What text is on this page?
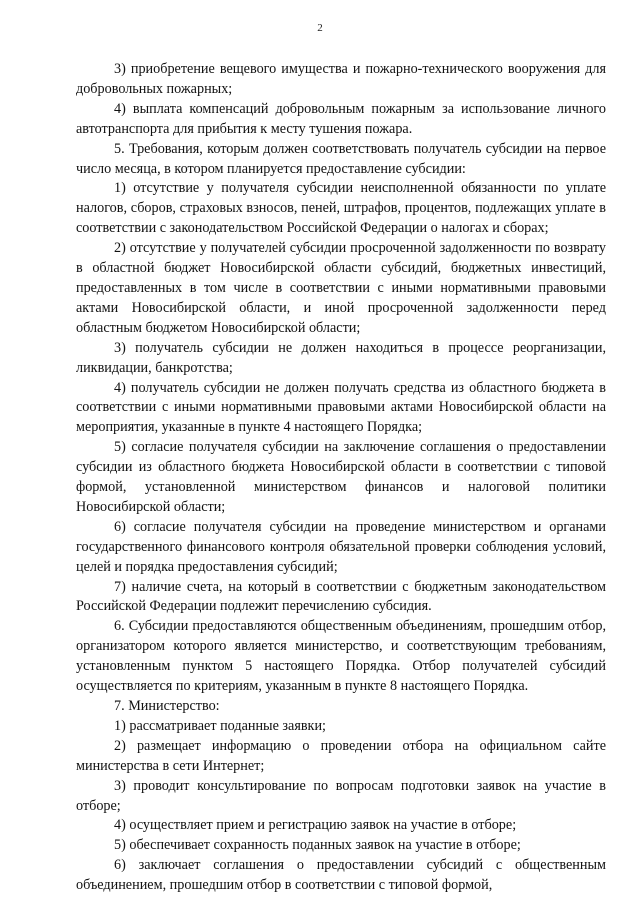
2

3) приобретение вещевого имущества и пожарно-технического вооружения для добровольных пожарных;

4) выплата компенсаций добровольным пожарным за использование личного автотранспорта для прибытия к месту тушения пожара.

5. Требования, которым должен соответствовать получатель субсидии на первое число месяца, в котором планируется предоставление субсидии:

1) отсутствие у получателя субсидии неисполненной обязанности по уплате налогов, сборов, страховых взносов, пеней, штрафов, процентов, подлежащих уплате в соответствии с законодательством Российской Федерации о налогах и сборах;

2) отсутствие у получателей субсидии просроченной задолженности по возврату в областной бюджет Новосибирской области субсидий, бюджетных инвестиций, предоставленных в том числе в соответствии с иными нормативными правовыми актами Новосибирской области, и иной просроченной задолженности перед областным бюджетом Новосибирской области;

3) получатель субсидии не должен находиться в процессе реорганизации, ликвидации, банкротства;

4) получатель субсидии не должен получать средства из областного бюджета в соответствии с иными нормативными правовыми актами Новосибирской области на мероприятия, указанные в пункте 4 настоящего Порядка;

5) согласие получателя субсидии на заключение соглашения о предоставлении субсидии из областного бюджета Новосибирской области в соответствии с типовой формой, установленной министерством финансов и налоговой политики Новосибирской области;

6) согласие получателя субсидии на проведение министерством и органами государственного финансового контроля обязательной проверки соблюдения условий, целей и порядка предоставления субсидий;

7) наличие счета, на который в соответствии с бюджетным законодательством Российской Федерации подлежит перечислению субсидия.

6. Субсидии предоставляются общественным объединениям, прошедшим отбор, организатором которого является министерство, и соответствующим требованиям, установленным пунктом 5 настоящего Порядка. Отбор получателей субсидий осуществляется по критериям, указанным в пункте 8 настоящего Порядка.

7. Министерство:

1) рассматривает поданные заявки;

2) размещает информацию о проведении отбора на официальном сайте министерства в сети Интернет;

3) проводит консультирование по вопросам подготовки заявок на участие в отборе;

4) осуществляет прием и регистрацию заявок на участие в отборе;

5) обеспечивает сохранность поданных заявок на участие в отборе;

6) заключает соглашения о предоставлении субсидий с общественным объединением, прошедшим отбор в соответствии с типовой формой,
